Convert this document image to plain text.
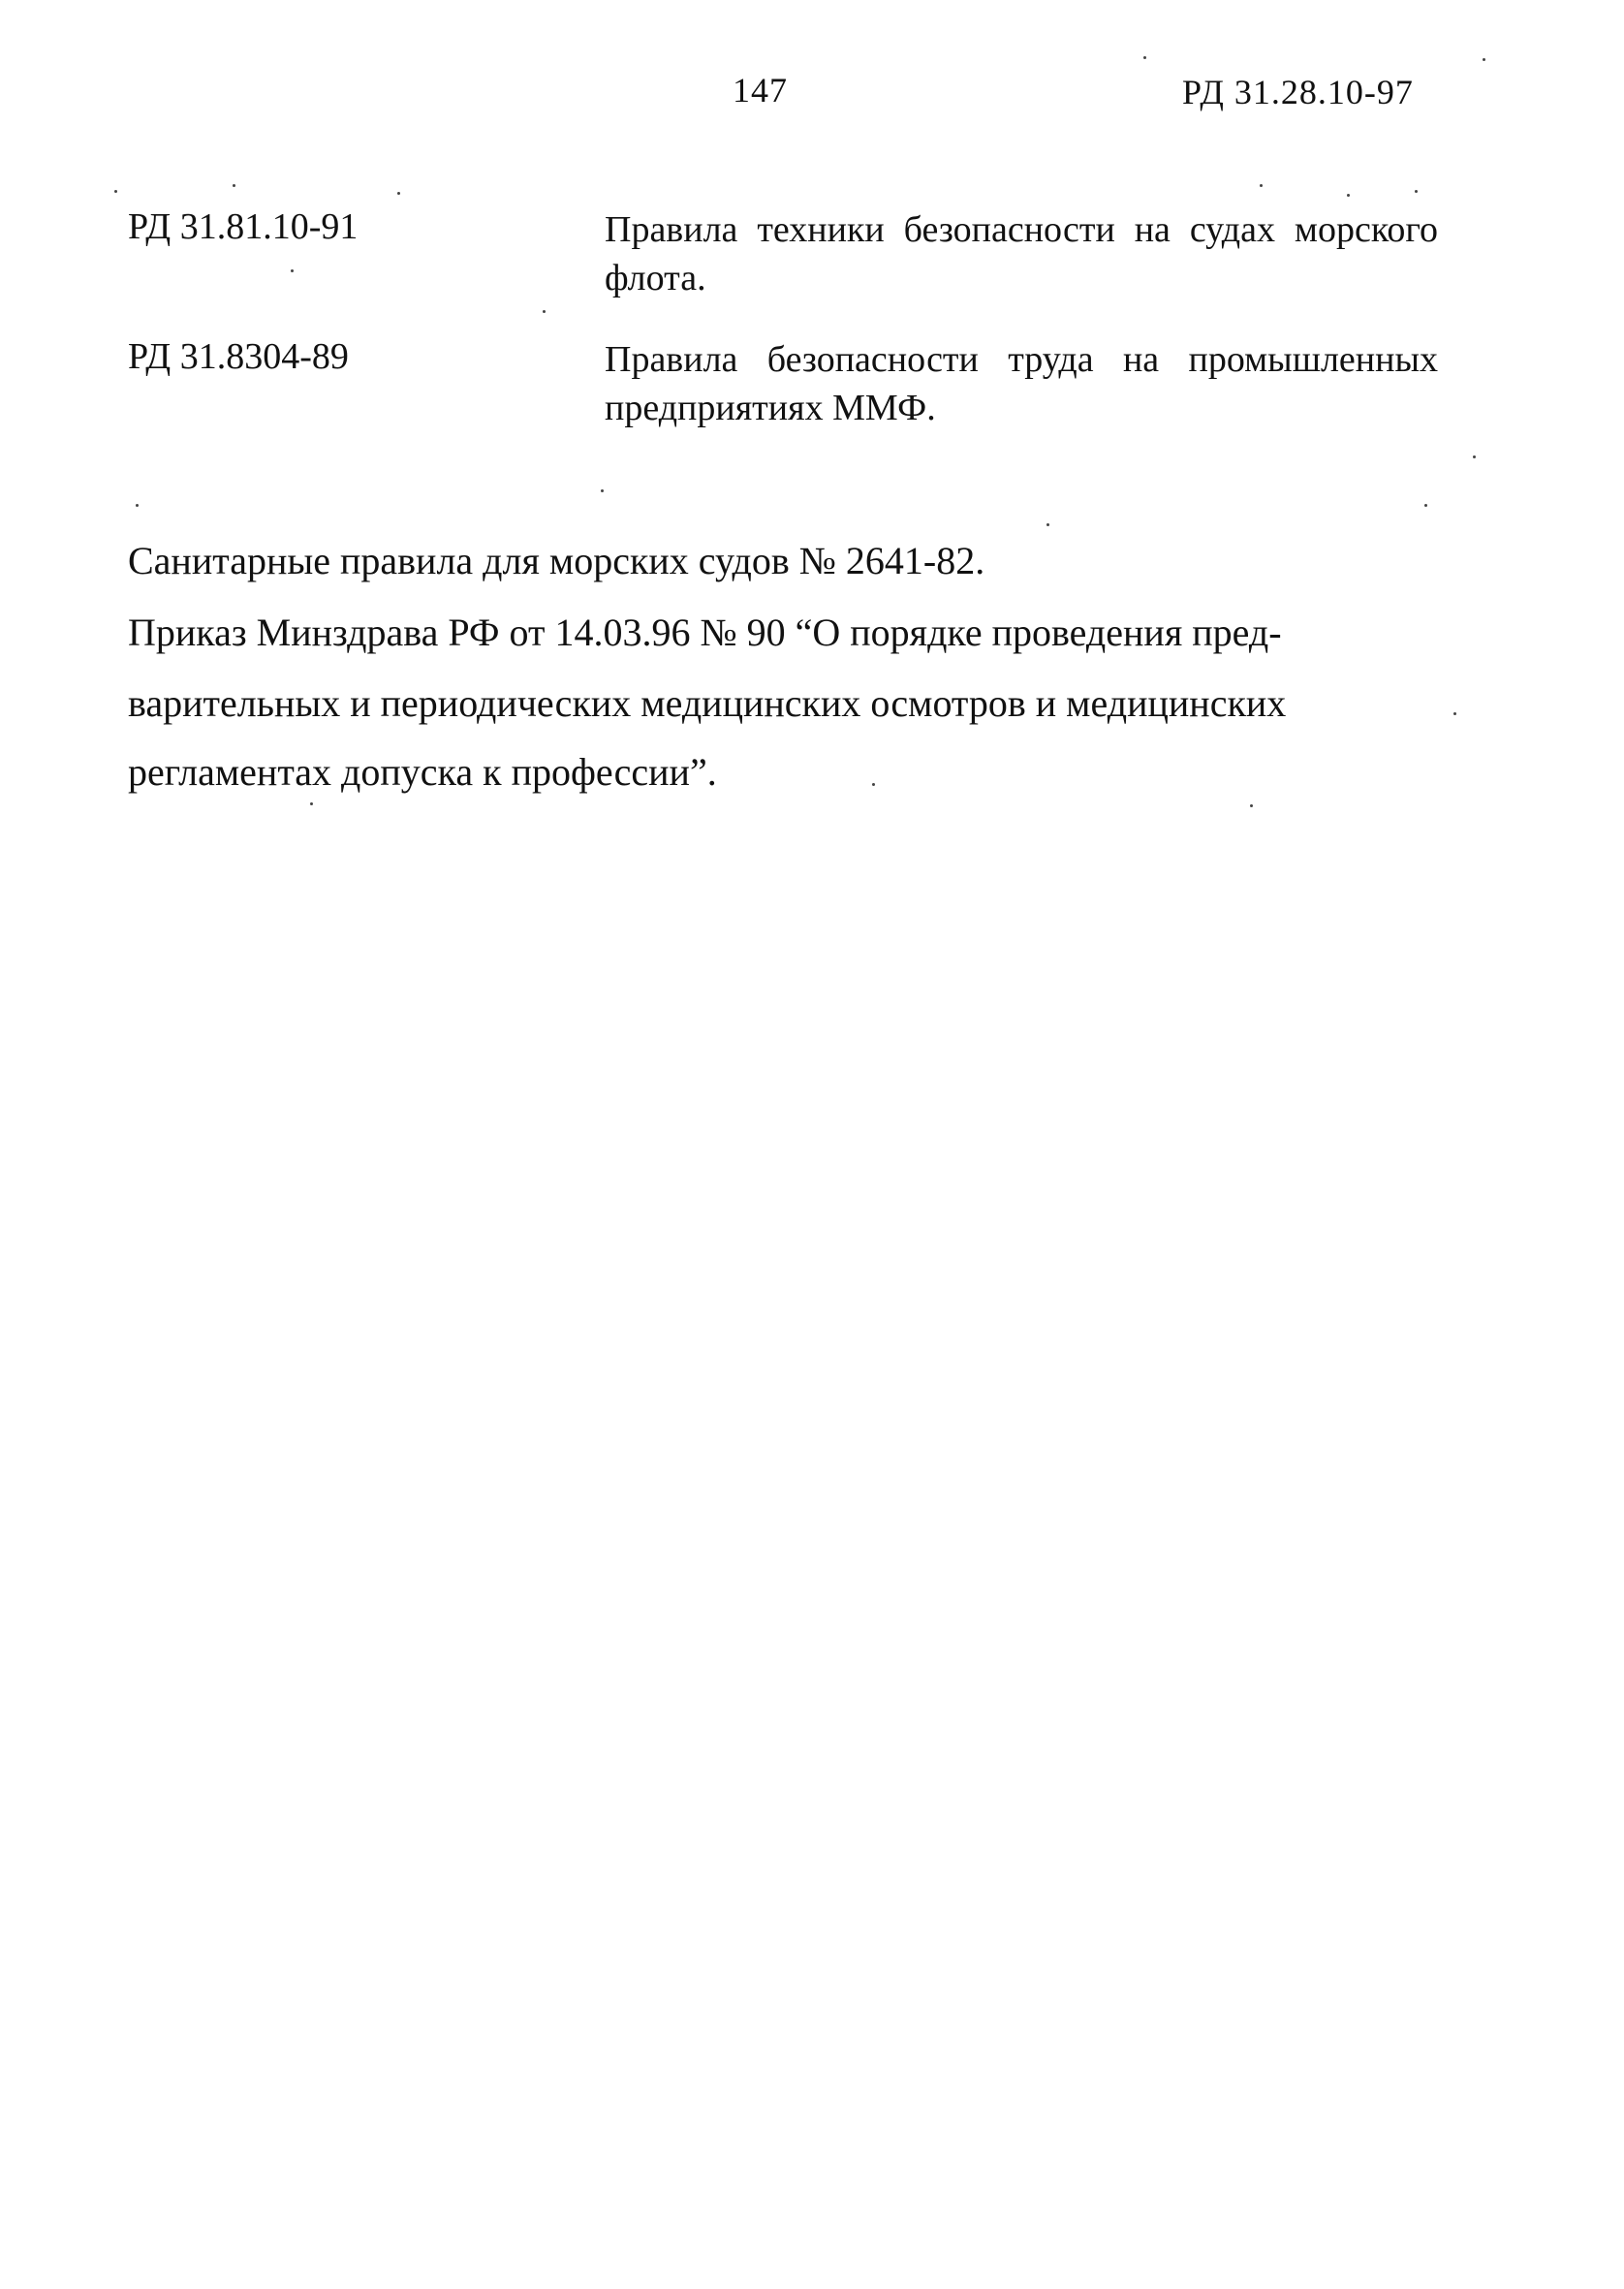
147	РД 31.28.10-97
РД 31.81.10-91	Правила техники безопасности на судах морского флота.
РД 31.8304-89	Правила безопасности труда на промышленных предприятиях ММФ.
Санитарные правила для морских судов № 2641-82.
Приказ Минздрава РФ от 14.03.96 № 90 “О порядке проведения пред-
варительных и периодических медицинских осмотров и медицинских
регламентах допуска к профессии”.
